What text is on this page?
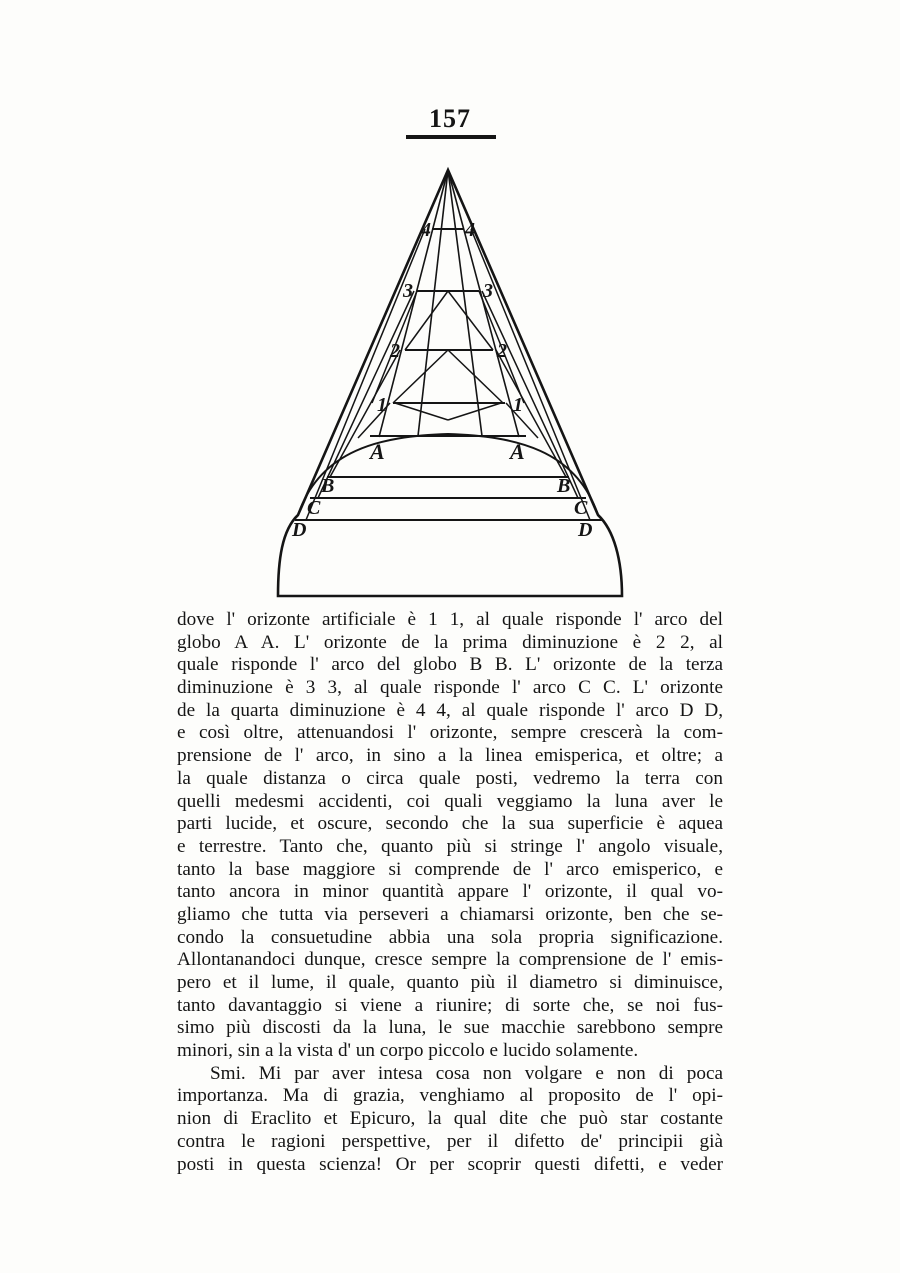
157
4 4
3	3
2	2
1	1
A	A
B	B
C	C
D	D
dove l' orizonte artificiale è 1 1, al quale risponde l' arco del
globo A A. L' orizonte de la prima diminuzione è 2 2, al
quale risponde l' arco del globo B B. L' orizonte de la terza
diminuzione è 3 3, al quale risponde l' arco C C. L' orizonte
de la quarta diminuzione è 4 4, al quale risponde l' arco D D,
e così oltre, attenuandosi l' orizonte, sempre crescerà la com-
prensione de l' arco, in sino a la linea emisperica, et oltre; a
la quale distanza o circa quale posti, vedremo la terra con
quelli medesmi accidenti, coi quali veggiamo la luna aver le
parti lucide, et oscure, secondo che la sua superficie è aquea
e terrestre. Tanto che, quanto più si stringe l' angolo visuale,
tanto la base maggiore si comprende de l' arco emisperico, e
tanto ancora in minor quantità appare l' orizonte, il qual vo-
gliamo che tutta via perseveri a chiamarsi orizonte, ben che se-
condo la consuetudine abbia una sola propria significazione.
Allontanandoci dunque, cresce sempre la comprensione de l' emis-
pero et il lume, il quale, quanto più il diametro si diminuisce,
tanto davantaggio si viene a riunire; di sorte che, se noi fus-
simo più discosti da la luna, le sue macchie sarebbono sempre
minori, sin a la vista d' un corpo piccolo e lucido solamente.
Smi. Mi par aver intesa cosa non volgare e non di poca
importanza. Ma di grazia, venghiamo al proposito de l' opi-
nion di Eraclito et Epicuro, la qual dite che può star costante
contra le ragioni perspettive, per il difetto de' principii già
posti in questa scienza! Or per scoprir questi difetti, e veder
